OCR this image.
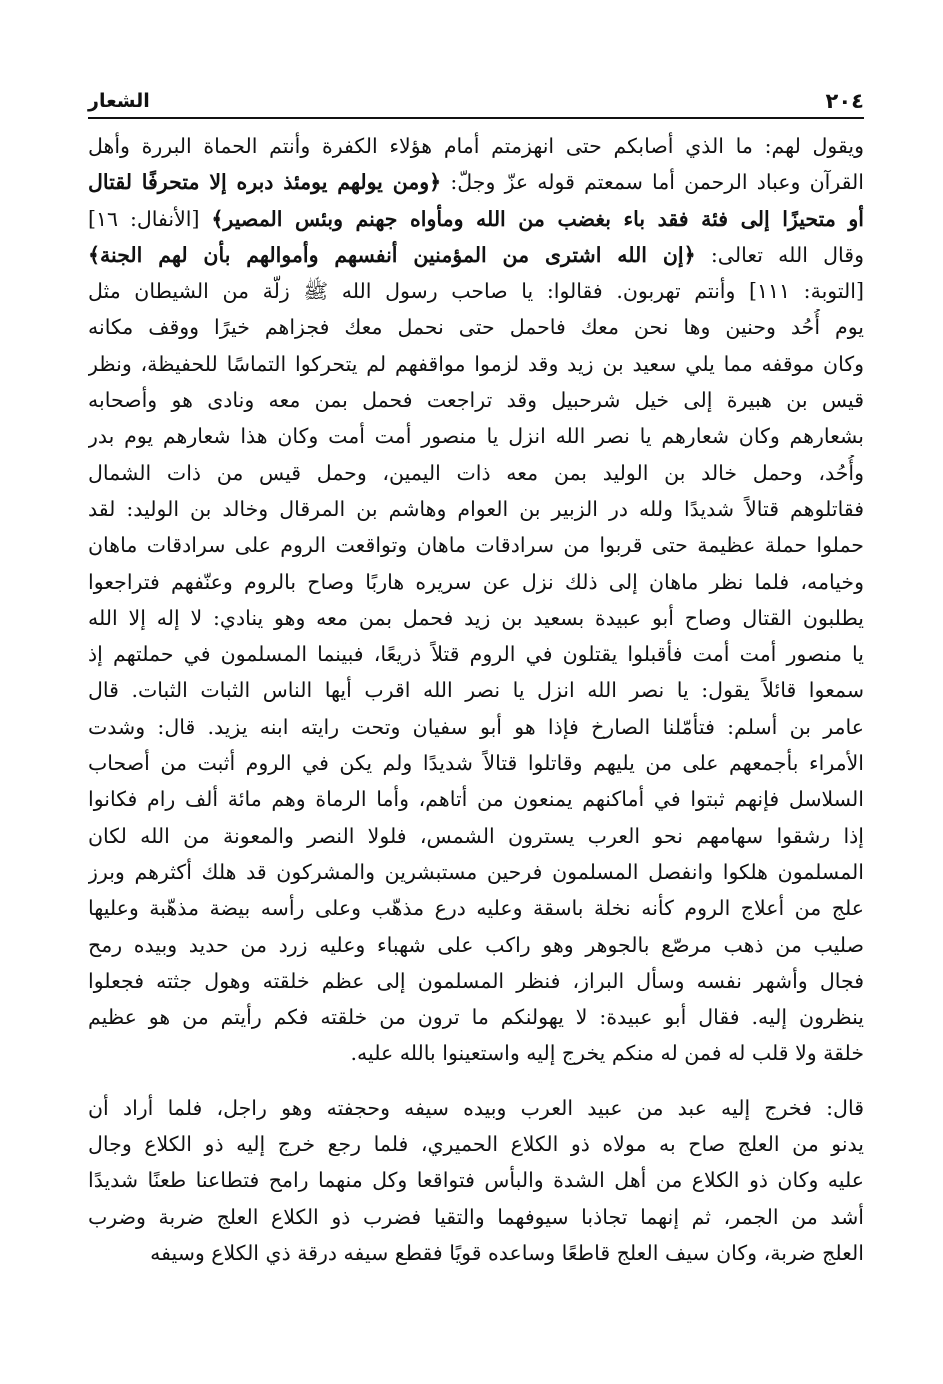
٢٠٤
الشعار
ويقول لهم: ما الذي أصابكم حتى انهزمتم أمام هؤلاء الكفرة وأنتم الحماة البررة وأهل
القرآن وعباد الرحمن أما سمعتم قوله عزّ وجلّ: ﴿ومن يولهم يومئذ دبره إلا متحرفًا لقتال
أو متحيزًا إلى فئة فقد باء بغضب من الله ومأواه جهنم وبئس المصير﴾ [الأنفال: ١٦]
وقال الله تعالى: ﴿إن الله اشترى من المؤمنين أنفسهم وأموالهم بأن لهم الجنة﴾
[التوبة: ١١١] وأنتم تهربون. فقالوا: يا صاحب رسول الله ﷺ زلّة من الشيطان مثل
يوم أُحُد وحنين وها نحن معك فاحمل حتى نحمل معك فجزاهم خيرًا ووقف مكانه
وكان موقفه مما يلي سعيد بن زيد وقد لزموا مواقفهم لم يتحركوا التماسًا للحفيظة، ونظر
قيس بن هبيرة إلى خيل شرحبيل وقد تراجعت فحمل بمن معه ونادى هو وأصحابه
بشعارهم وكان شعارهم يا نصر الله انزل يا منصور أمت أمت وكان هذا شعارهم يوم بدر
وأُحُد، وحمل خالد بن الوليد بمن معه ذات اليمين، وحمل قيس من ذات الشمال
فقاتلوهم قتالاً شديدًا ولله در الزبير بن العوام وهاشم بن المرقال وخالد بن الوليد: لقد
حملوا حملة عظيمة حتى قربوا من سرادقات ماهان وتواقعت الروم على سرادقات ماهان
وخيامه، فلما نظر ماهان إلى ذلك نزل عن سريره هاربًا وصاح بالروم وعنّفهم فتراجعوا
يطلبون القتال وصاح أبو عبيدة بسعيد بن زيد فحمل بمن معه وهو ينادي: لا إله إلا الله
يا منصور أمت أمت فأقبلوا يقتلون في الروم قتلاً ذريعًا، فبينما المسلمون في حملتهم إذ
سمعوا قائلاً يقول: يا نصر الله انزل يا نصر الله اقرب أيها الناس الثبات الثبات. قال
عامر بن أسلم: فتأمّلنا الصارخ فإذا هو أبو سفيان وتحت رايته ابنه يزيد. قال: وشدت
الأمراء بأجمعهم على من يليهم وقاتلوا قتالاً شديدًا ولم يكن في الروم أثبت من أصحاب
السلاسل فإنهم ثبتوا في أماكنهم يمنعون من أتاهم، وأما الرماة وهم مائة ألف رام فكانوا
إذا رشقوا سهامهم نحو العرب يسترون الشمس، فلولا النصر والمعونة من الله لكان
المسلمون هلكوا وانفصل المسلمون فرحين مستبشرين والمشركون قد هلك أكثرهم وبرز
علج من أعلاج الروم كأنه نخلة باسقة وعليه درع مذهّب وعلى رأسه بيضة مذهّبة وعليها
صليب من ذهب مرصّع بالجوهر وهو راكب على شهباء وعليه زرد من حديد وبيده رمح
فجال وأشهر نفسه وسأل البراز، فنظر المسلمون إلى عظم خلقته وهول جثته فجعلوا
ينظرون إليه. فقال أبو عبيدة: لا يهولنكم ما ترون من خلقته فكم رأيتم من هو عظيم
خلقة ولا قلب له فمن له منكم يخرج إليه واستعينوا بالله عليه.
قال: فخرج إليه عبد من عبيد العرب وبيده سيفه وحجفته وهو راجل، فلما أراد أن
يدنو من العلج صاح به مولاه ذو الكلاع الحميري، فلما رجع خرج إليه ذو الكلاع وجال
عليه وكان ذو الكلاع من أهل الشدة والبأس فتواقعا وكل منهما رامح فتطاعنا طعنًا شديدًا
أشد من الجمر، ثم إنهما تجاذبا سيوفهما والتقيا فضرب ذو الكلاع العلج ضربة وضرب
العلج ضربة، وكان سيف العلج قاطعًا وساعده قويًا فقطع سيفه درقة ذي الكلاع وسيفه
